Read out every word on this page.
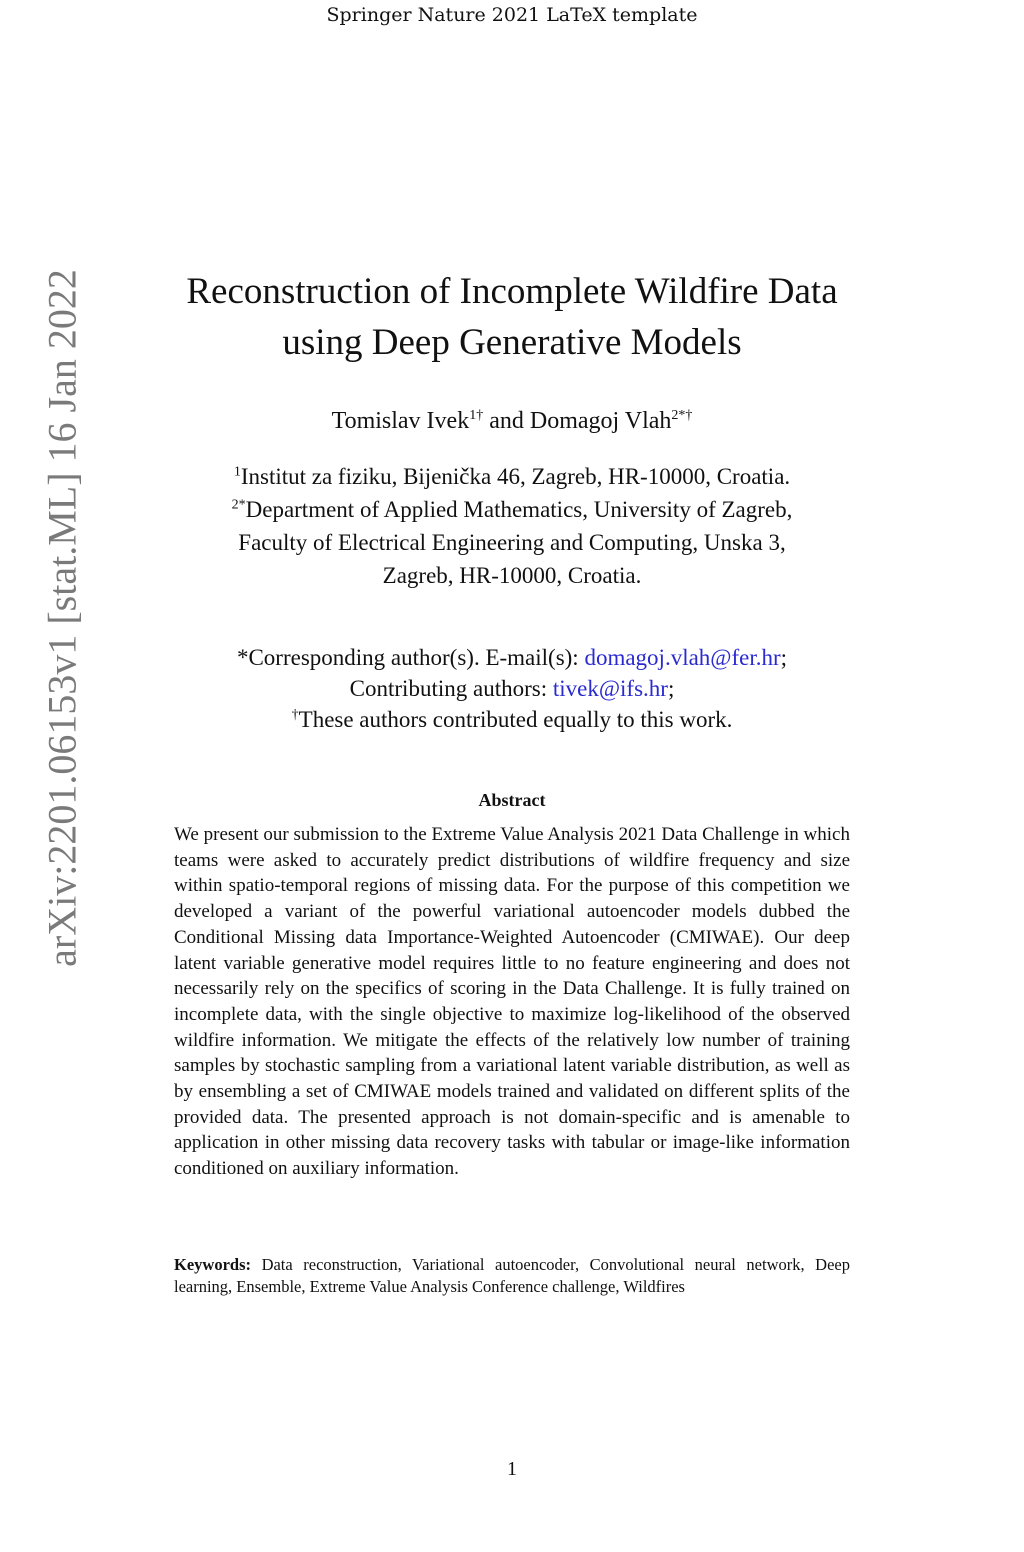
Springer Nature 2021 LaTeX template
arXiv:2201.06153v1 [stat.ML] 16 Jan 2022	Reconstruction of Incomplete Wildfire Data
using Deep Generative Models
Tomislav Ivek$^{1\dagger}$ and Domagoj Vlah$^{2*\dagger}$
$^1$Institut za fiziku, Bijenička 46, Zagreb, HR-10000, Croatia.
$^{2*}$Department of Applied Mathematics, University of Zagreb,
Faculty of Electrical Engineering and Computing, Unska 3,
Zagreb, HR-10000, Croatia.
*Corresponding author(s). E-mail(s): domagoj.vlah@fer.hr;
Contributing authors: tivek@ifs.hr;
†These authors contributed equally to this work.
Abstract
We present our submission to the Extreme Value Analysis 2021 Data Challenge in which teams were asked to accurately predict distributions of wildfire frequency and size within spatio-temporal regions of missing data. For the purpose of this competition we developed a variant of the powerful variational autoencoder models dubbed the Conditional Missing data Importance-Weighted Autoencoder (CMIWAE). Our deep latent variable generative model requires little to no feature engineering and does not necessarily rely on the specifics of scoring in the Data Challenge. It is fully trained on incomplete data, with the single objective to maximize log-likelihood of the observed wildfire information. We mitigate the effects of the relatively low number of training samples by stochastic sampling from a variational latent variable distribution, as well as by ensembling a set of CMIWAE models trained and validated on different splits of the provided data. The presented approach is not domain-specific and is amenable to application in other missing data recovery tasks with tabular or image-like information conditioned on auxiliary information.
Keywords: Data reconstruction, Variational autoencoder, Convolutional neural network, Deep learning, Ensemble, Extreme Value Analysis Conference challenge, Wildfires
1
